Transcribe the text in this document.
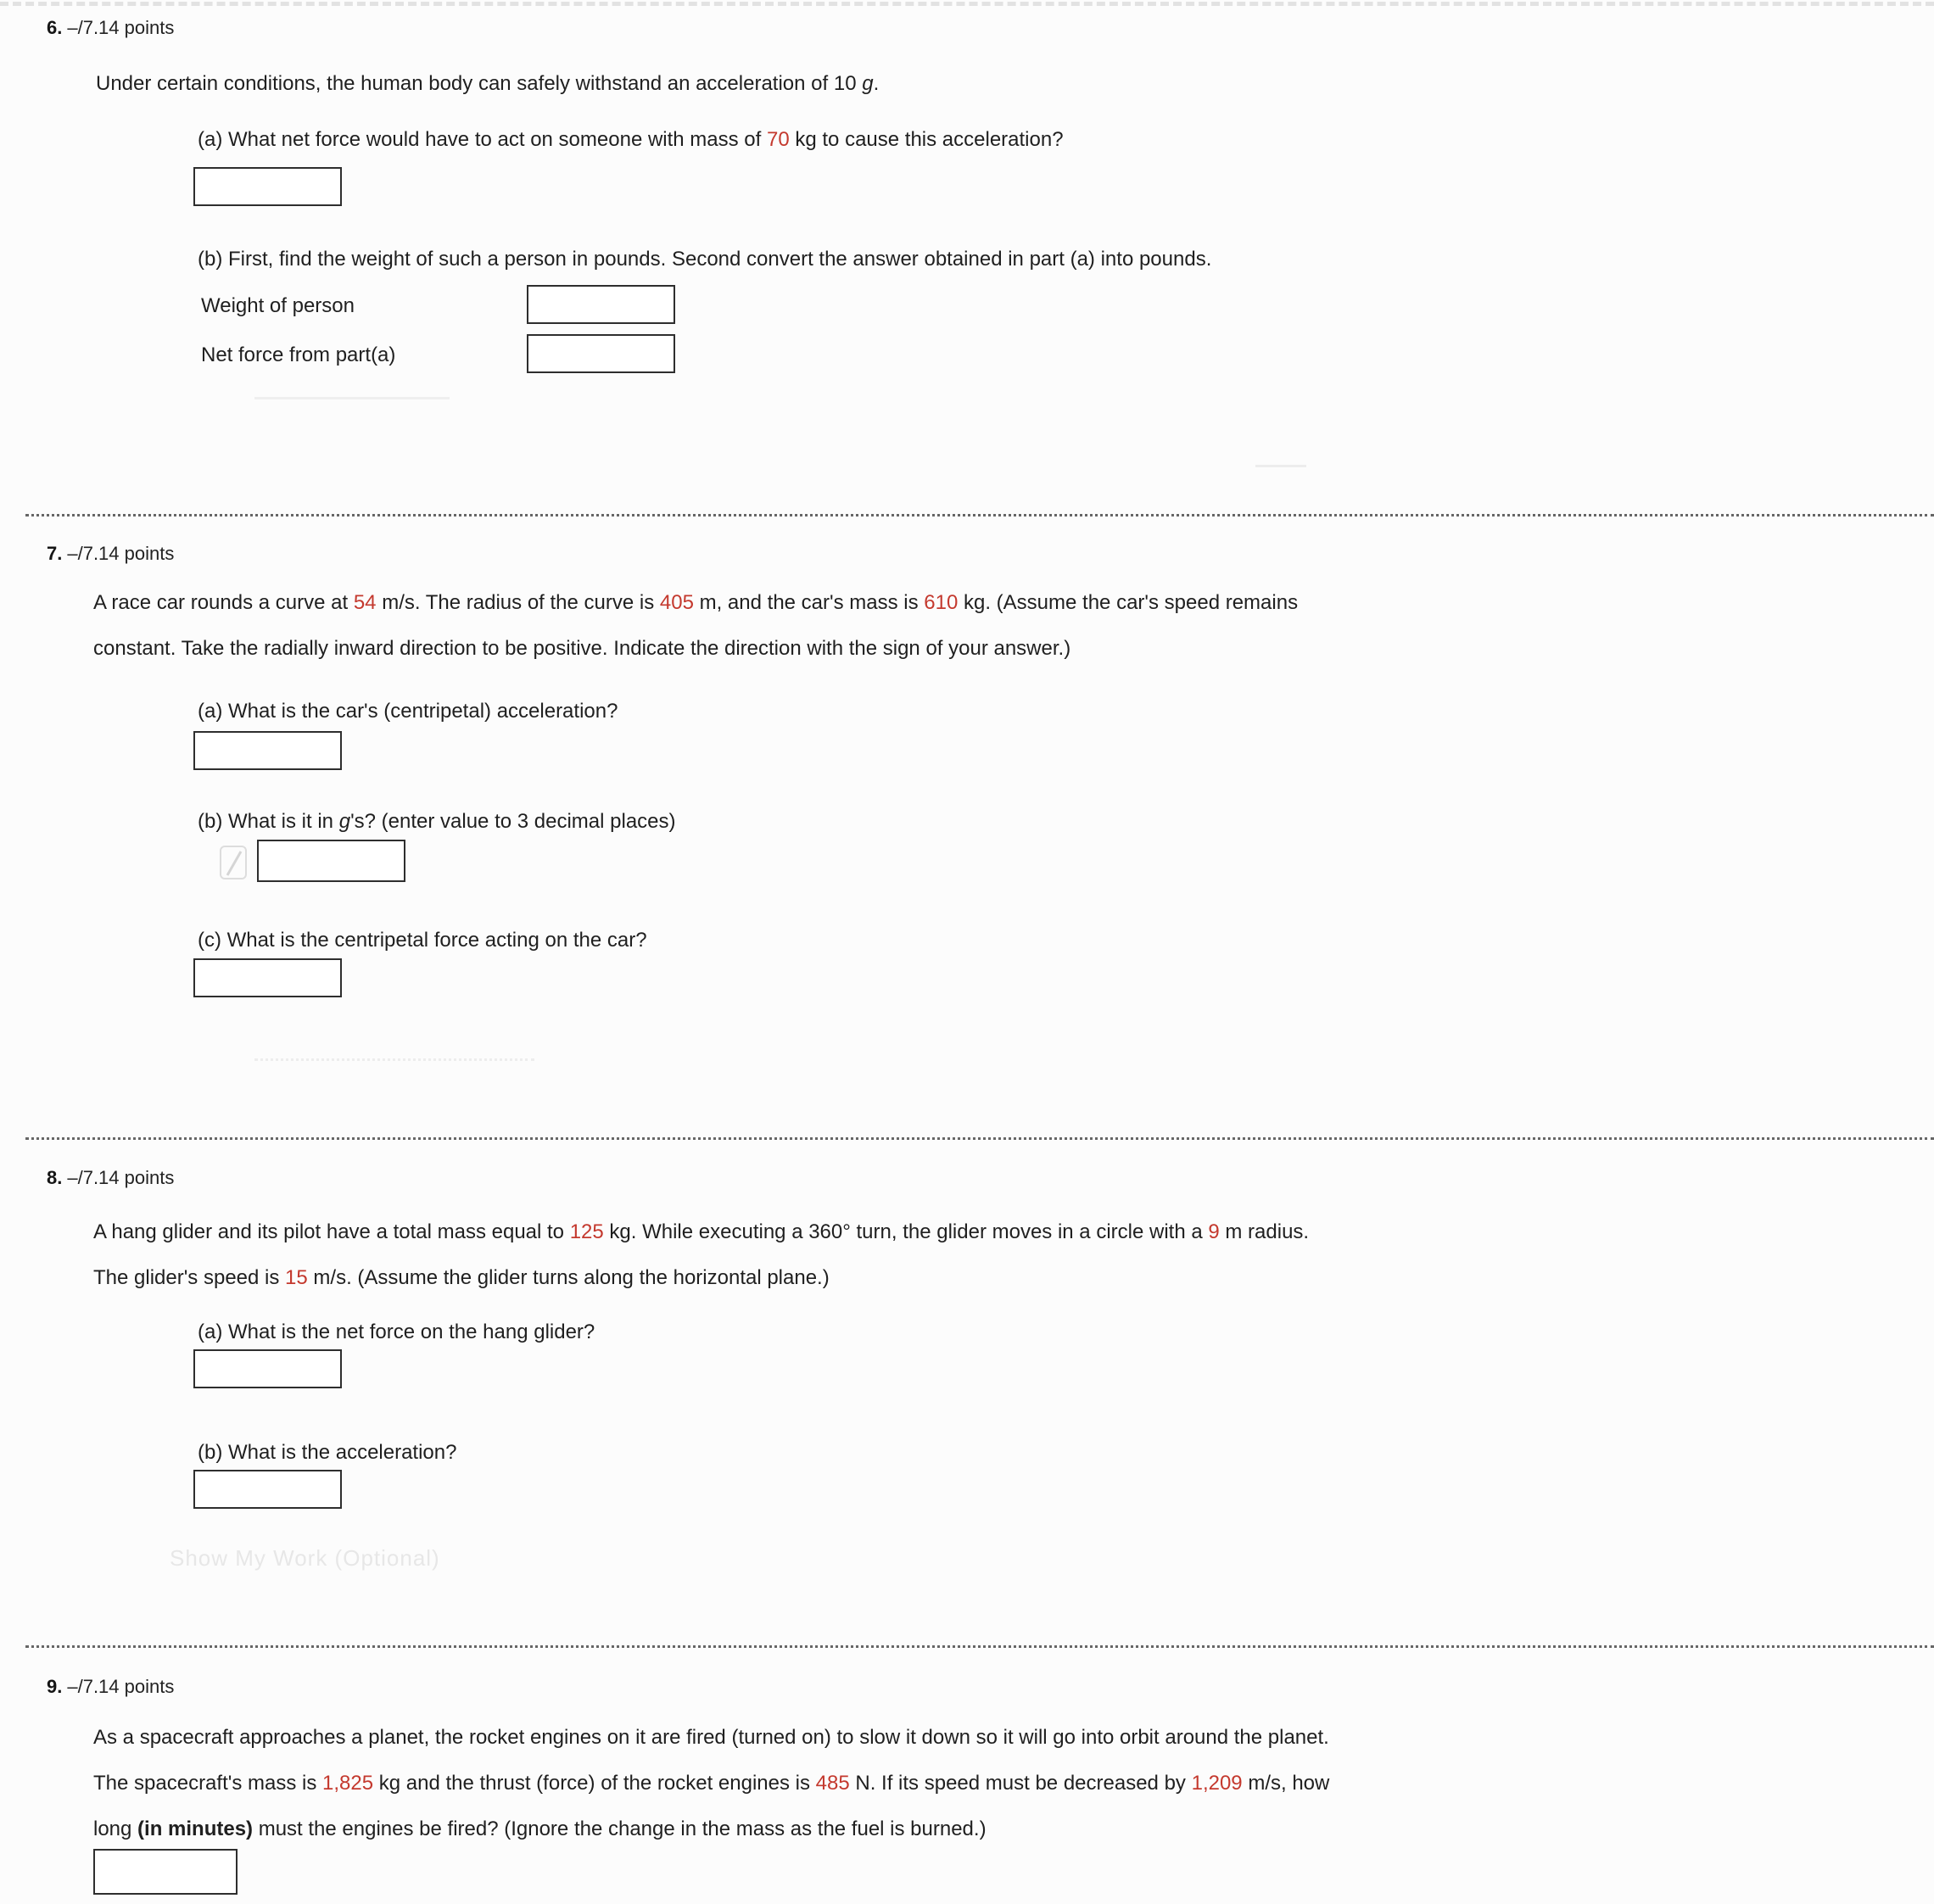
6. –/7.14 points
Under certain conditions, the human body can safely withstand an acceleration of 10 g.
(a) What net force would have to act on someone with mass of 70 kg to cause this acceleration?
(b) First, find the weight of such a person in pounds. Second convert the answer obtained in part (a) into pounds.
Weight of person
Net force from part(a)
7. –/7.14 points
A race car rounds a curve at 54 m/s. The radius of the curve is 405 m, and the car's mass is 610 kg. (Assume the car's speed remains
constant. Take the radially inward direction to be positive. Indicate the direction with the sign of your answer.)
(a) What is the car's (centripetal) acceleration?
(b) What is it in g's? (enter value to 3 decimal places)
(c) What is the centripetal force acting on the car?
8. –/7.14 points
A hang glider and its pilot have a total mass equal to 125 kg. While executing a 360° turn, the glider moves in a circle with a 9 m radius.
The glider's speed is 15 m/s. (Assume the glider turns along the horizontal plane.)
(a) What is the net force on the hang glider?
(b) What is the acceleration?
Show My Work (Optional)
9. –/7.14 points
As a spacecraft approaches a planet, the rocket engines on it are fired (turned on) to slow it down so it will go into orbit around the planet.
The spacecraft's mass is 1,825 kg and the thrust (force) of the rocket engines is 485 N. If its speed must be decreased by 1,209 m/s, how
long (in minutes) must the engines be fired? (Ignore the change in the mass as the fuel is burned.)
